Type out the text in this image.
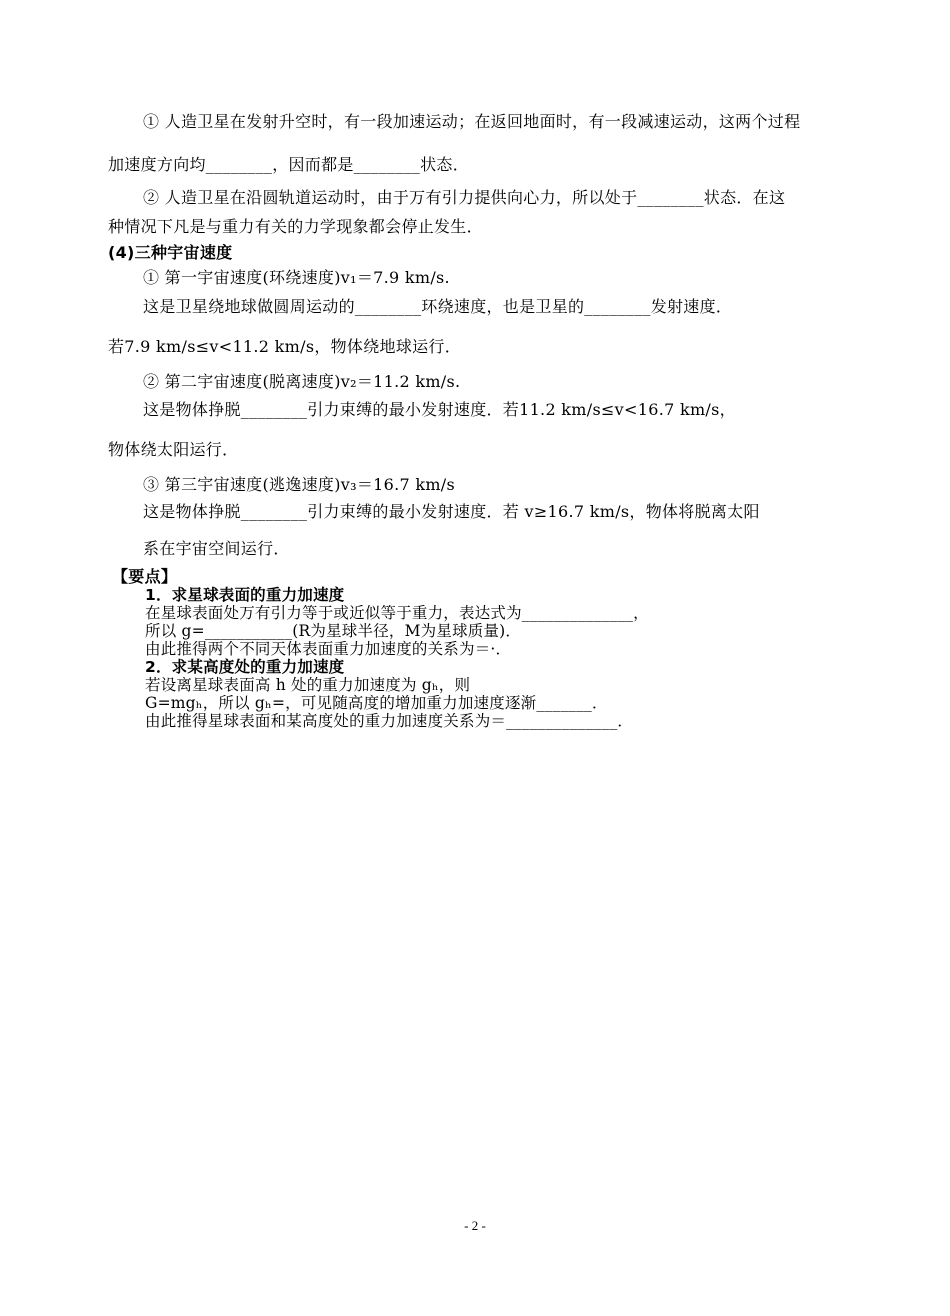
① 人造卫星在发射升空时，有一段加速运动；在返回地面时，有一段减速运动，这两个过程
加速度方向均________，因而都是________状态．
② 人造卫星在沿圆轨道运动时，由于万有引力提供向心力，所以处于________状态．在这
种情况下凡是与重力有关的力学现象都会停止发生．
(4)三种宇宙速度
① 第一宇宙速度(环绕速度)v₁＝7.9 km/s.
这是卫星绕地球做圆周运动的________环绕速度，也是卫星的________发射速度．
若7.9 km/s≤v<11.2 km/s，物体绕地球运行．
② 第二宇宙速度(脱离速度)v₂＝11.2 km/s.
这是物体挣脱________引力束缚的最小发射速度．若11.2 km/s≤v<16.7 km/s，
物体绕太阳运行．
③ 第三宇宙速度(逃逸速度)v₃＝16.7 km/s
这是物体挣脱________引力束缚的最小发射速度．若 v≥16.7 km/s，物体将脱离太阳
系在宇宙空间运行．
【要点】
1．求星球表面的重力加速度
在星球表面处万有引力等于或近似等于重力，表达式为______________，
所以 g=___________(R为星球半径，M为星球质量)．
由此推得两个不同天体表面重力加速度的关系为＝·．
2．求某高度处的重力加速度
若设离星球表面高 h 处的重力加速度为 gₕ，则
G=mgₕ，所以 gₕ=，可见随高度的增加重力加速度逐渐_______．
由此推得星球表面和某高度处的重力加速度关系为＝______________．
- 2 -
